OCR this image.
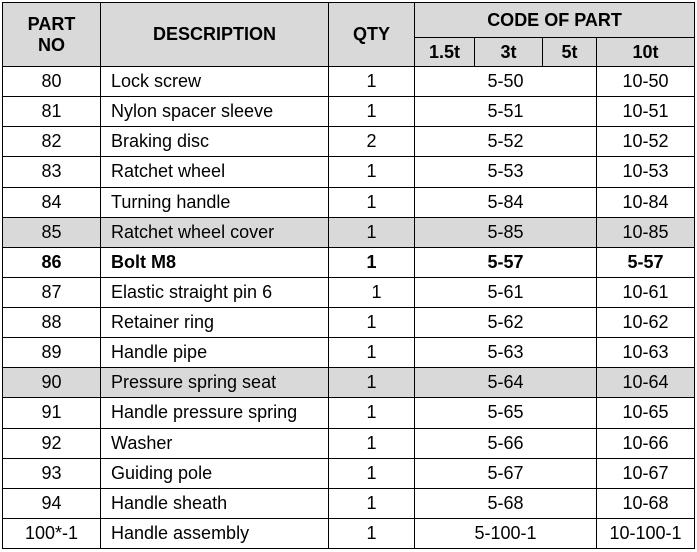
PART
NO	DESCRIPTION	QTY	CODE OF PART			
			1.5t	3t	5t	10t
80	Lock screw	1	5-50			10-50
81	Nylon spacer sleeve	1	5-51			10-51
82	Braking disc	2	5-52			10-52
83	Ratchet wheel	1	5-53			10-53
84	Turning handle	1	5-84			10-84
85	Ratchet wheel cover	1	5-85			10-85
86	Bolt M8	1	5-57			5-57
87	Elastic straight pin 6	1	5-61			10-61
88	Retainer ring	1	5-62			10-62
89	Handle pipe	1	5-63			10-63
90	Pressure spring seat	1	5-64			10-64
91	Handle pressure spring	1	5-65			10-65
92	Washer	1	5-66			10-66
93	Guiding pole	1	5-67			10-67
94	Handle sheath	1	5-68			10-68
100*-1	Handle assembly	1	5-100-1			10-100-1
